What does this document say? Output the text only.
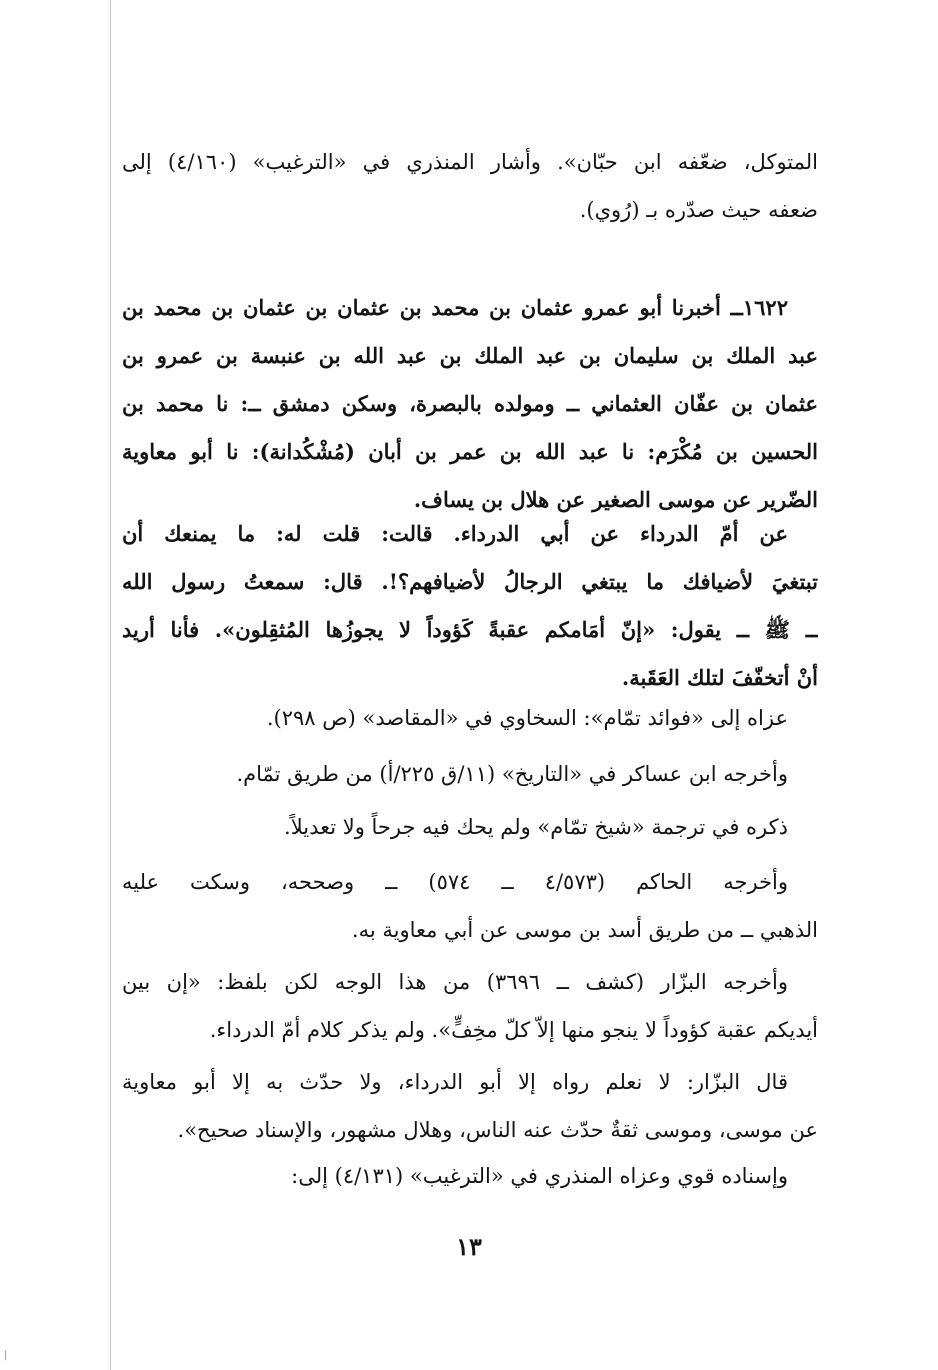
|
المتوكل، ضعّفه ابن حبّان». وأشار المنذري في «الترغيب» (٤/١٦٠) إلى
ضعفه حيث صدّره بـ (رُوي).
١٦٢٢ــ أخبرنا أبو عمرو عثمان بن محمد بن عثمان بن عثمان بن محمد بن
عبد الملك بن سليمان بن عبد الملك بن عبد الله بن عنبسة بن عمرو بن
عثمان بن عفّان العثماني ــ ومولده بالبصرة، وسكن دمشق ــ: نا محمد بن
الحسين بن مُكْرَم: نا عبد الله بن عمر بن أبان (مُشْكُدانة): نا أبو معاوية
الضّرير عن موسى الصغير عن هلال بن يساف.
عن أمّ الدرداء عن أبي الدرداء. قالت: قلت له: ما يمنعك أن
تبتغيَ لأضيافك ما يبتغي الرجالُ لأضيافهم؟!. قال: سمعتُ رسول الله
ــ ﷺ ــ يقول: «إنّ أمَامكم عقبةً كَؤوداً لا يجوزُها المُثقِلون». فأنا أريد
أنْ أتخفّفَ لتلك العَقَبة.
عزاه إلى «فوائد تمّام»: السخاوي في «المقاصد» (ص ٢٩٨).
وأخرجه ابن عساكر في «التاريخ» (١١/ق ٢٢٥/أ) من طريق تمّام.
ذكره في ترجمة «شيخ تمّام» ولم يحك فيه جرحاً ولا تعديلاً.
وأخرجه الحاكم (٤/٥٧٣ ــ ٥٧٤) ــ وصححه، وسكت عليه
الذهبي ــ من طريق أسد بن موسى عن أبي معاوية به.
وأخرجه البزّار (كشف ــ ٣٦٩٦) من هذا الوجه لكن بلفظ: «إن بين
أيديكم عقبة كؤوداً لا ينجو منها إلاّ كلّ مخِفٍّ». ولم يذكر كلام أمّ الدرداء.
قال البزّار: لا نعلم رواه إلا أبو الدرداء، ولا حدّث به إلا أبو معاوية
عن موسى، وموسى ثقةٌ حدّث عنه الناس، وهلال مشهور، والإسناد صحيح».
وإسناده قوي وعزاه المنذري في «الترغيب» (٤/١٣١) إلى:
١٣
